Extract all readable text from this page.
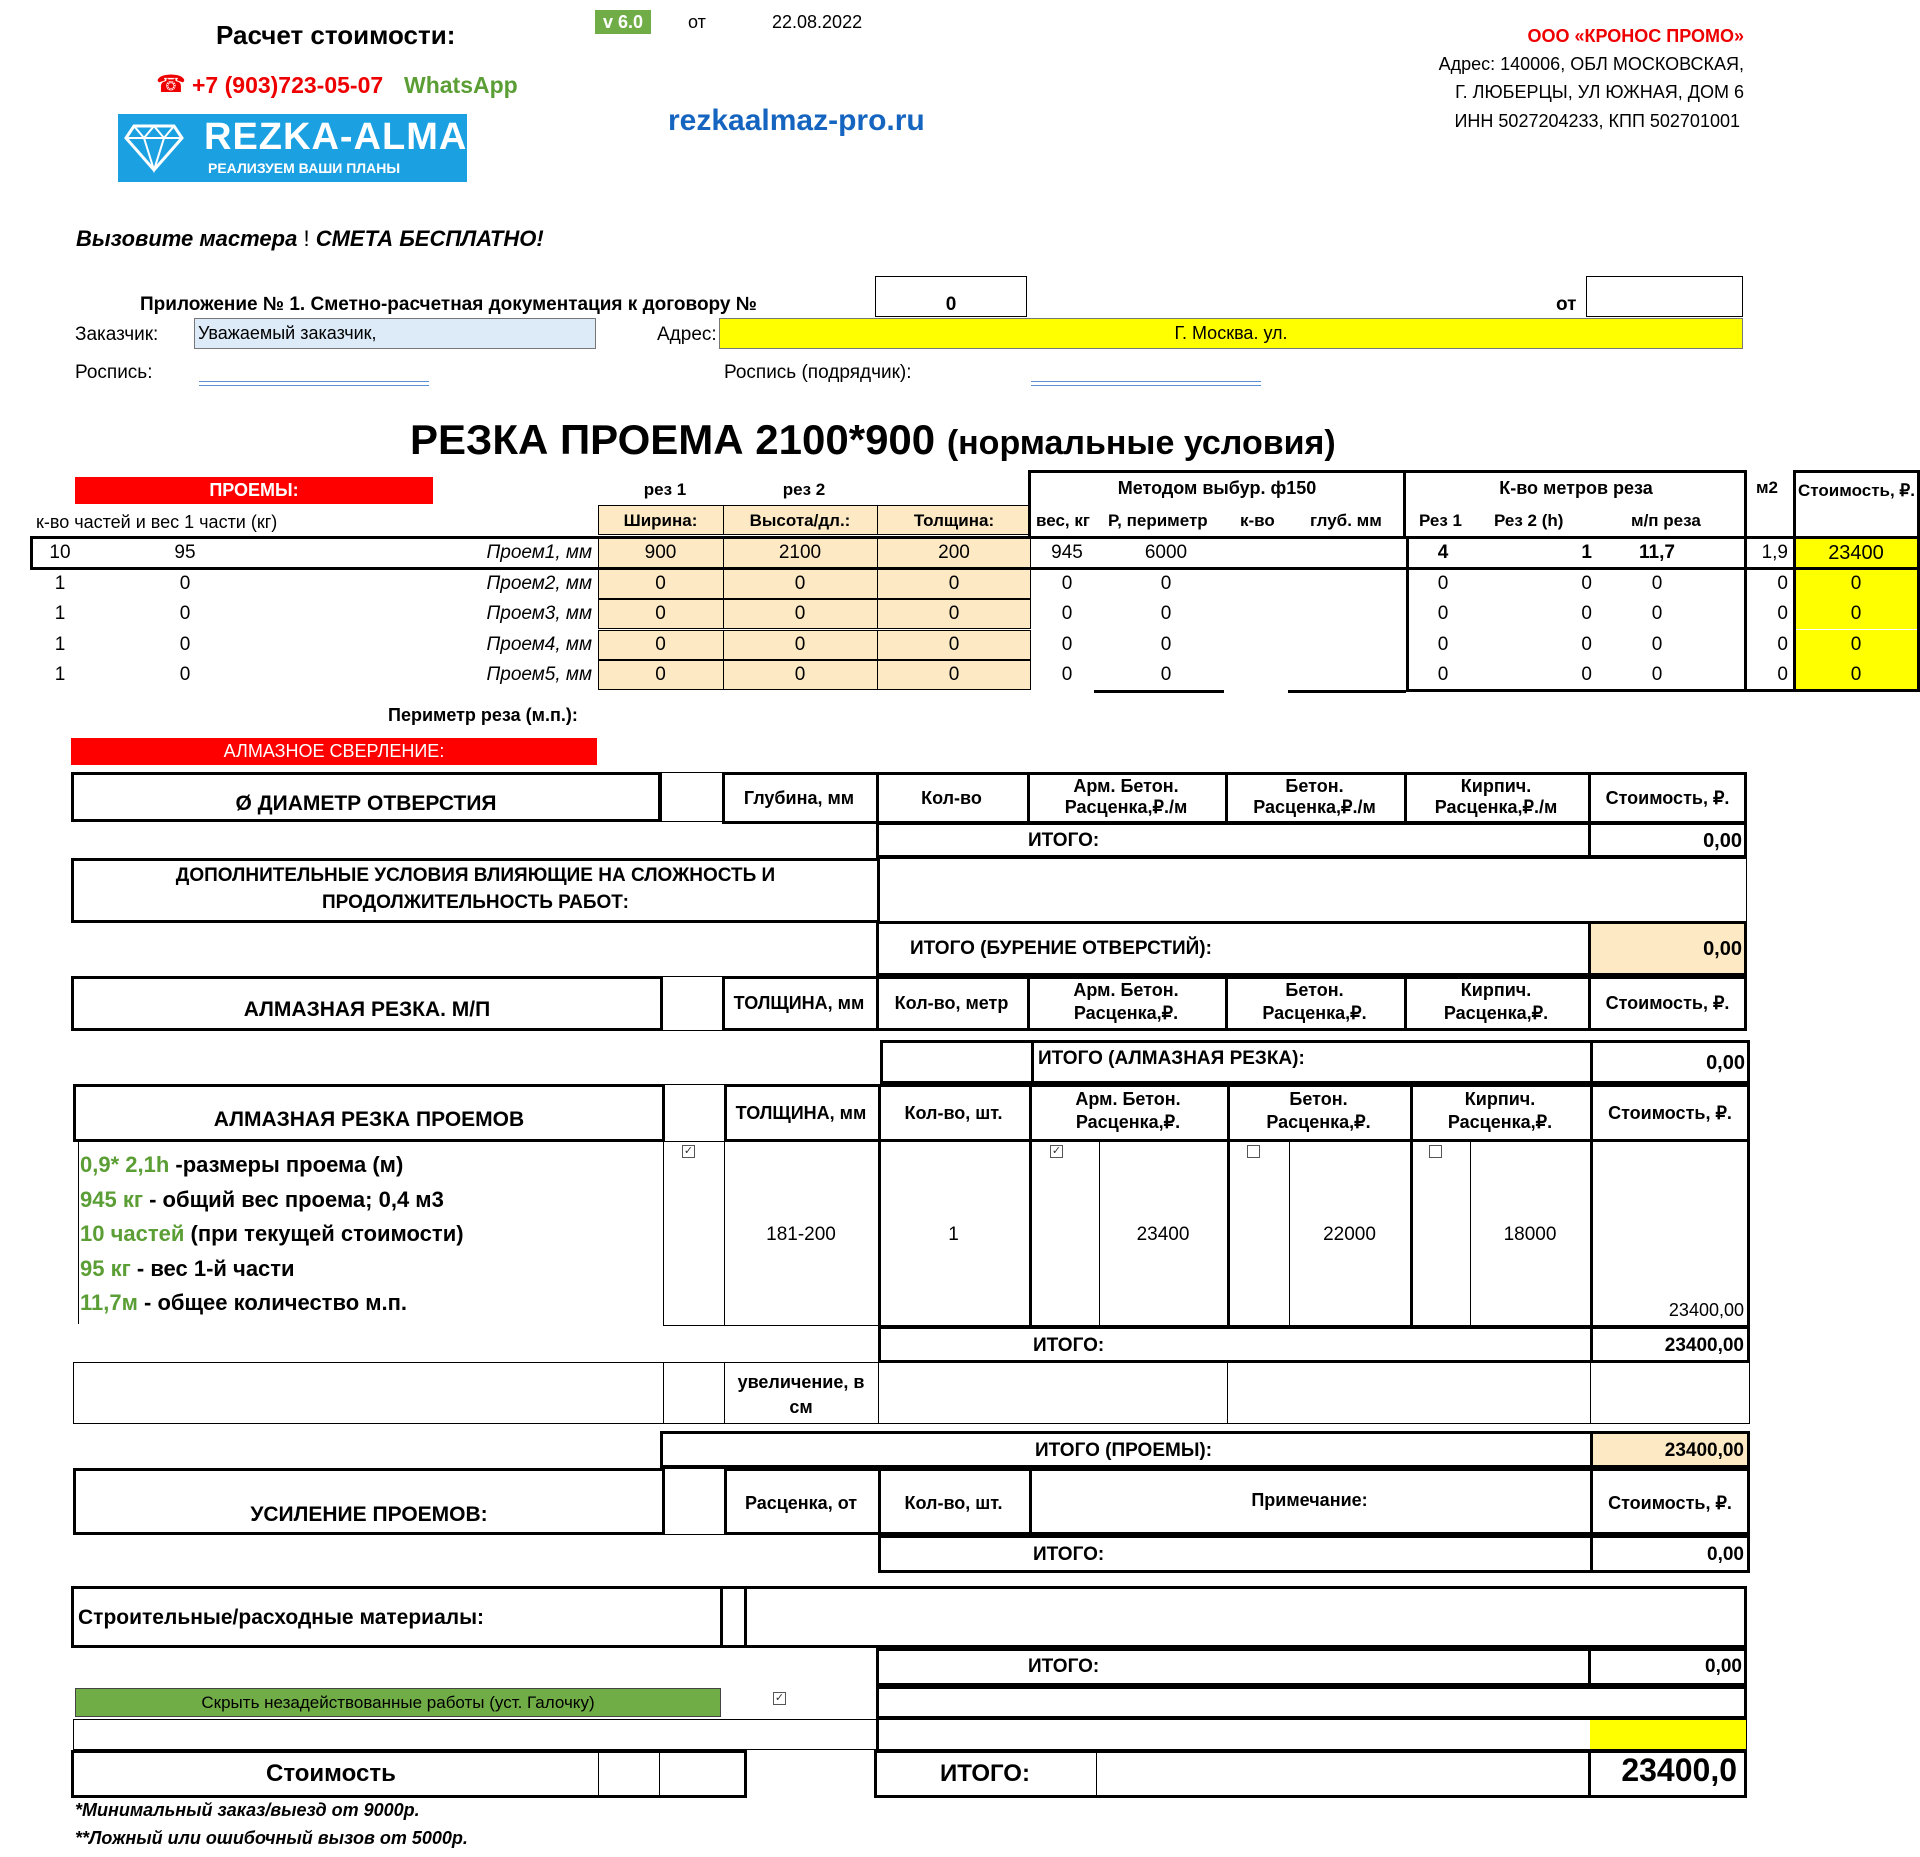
Расчет стоимости:	v 6.0	от	22.08.2022
☎ +7 (903)723-05-07 WhatsApp
REZKA-ALMAZ
РЕАЛИЗУЕМ ВАШИ ПЛАНЫ
rezkaalmaz-pro.ru
ООО «КРОНОС ПРОМО»
Адрес: 140006, ОБЛ МОСКОВСКАЯ,
Г. ЛЮБЕРЦЫ, УЛ ЮЖНАЯ, ДОМ 6
ИНН 5027204233, КПП 502701001
Вызовите мастера ! СМЕТА БЕСПЛАТНО!
Приложение № 1. Сметно-расчетная документация к договору №	0	от
Заказчик: Уважаемый заказчик,	Адрес:	Г. Москва. ул.
Роспись:	Роспись (подрядчик):
РЕЗКА ПРОЕМА 2100*900 (нормальные условия)
ПРОЕМЫ:	рез 1	рез 2
к-во частей и вес 1 части (кг)	Ширина:	Высота/дл.:	Толщина:
Методом выбур. ф150
вес, кг P, периметр к-во глуб. мм
К-во метров реза
Рез 1 Рез 2 (h)	м/п реза
м2	Стоимость, ₽.
10	95	Проем1, мм	900	2100	200	945	6000	4	1	11,7	1,9	23400
1	0	Проем2, мм	0	0	0	0	0	0	0	0	0	0
1	0	Проем3, мм	0	0	0	0	0	0	0	0	0	0
1	0	Проем4, мм	0	0	0	0	0	0	0	0	0	0
1	0	Проем5, мм	0	0	0	0	0	0	0	0	0	0
Периметр реза (м.п.):
АЛМАЗНОЕ СВЕРЛЕНИЕ:
Ø ДИАМЕТР ОТВЕРСТИЯ	Глубина, мм	Кол-во
Арм. Бетон.
Расценка,₽./м
Бетон.
Расценка,₽./м
Кирпич.
Расценка,₽./м	Стоимость, ₽.
ИТОГО:	0,00
ДОПОЛНИТЕЛЬНЫЕ УСЛОВИЯ ВЛИЯЮЩИЕ НА СЛОЖНОСТЬ И
ПРОДОЛЖИТЕЛЬНОСТЬ РАБОТ:
ИТОГО (БУРЕНИЕ ОТВЕРСТИЙ):	0,00
АЛМАЗНАЯ РЕЗКА. М/П	ТОЛЩИНА, мм	Кол-во, метр
Арм. Бетон.
Расценка,₽.
Бетон.
Расценка,₽.
Кирпич.
Расценка,₽.	Стоимость, ₽.
ИТОГО (АЛМАЗНАЯ РЕЗКА):	0,00
АЛМАЗНАЯ РЕЗКА ПРОЕМОВ	ТОЛЩИНА, мм	Кол-во, шт.
Арм. Бетон.
Расценка,₽.
Бетон.
Расценка,₽.
Кирпич.
Расценка,₽.	Стоимость, ₽.
0,9* 2,1h -размеры проема (м)
945 кг - общий вес проема; 0,4 м3
10 частей (при текущей стоимости)
95 кг - вес 1-й части
11,7м - общее количество м.п.
✓	✓
181-200	1	23400	22000	18000
23400,00
ИТОГО:	23400,00
увеличение, в см
ИТОГО (ПРОЕМЫ):	23400,00
УСИЛЕНИЕ ПРОЕМОВ:	Расценка, от	Кол-во, шт.	Примечание:	Стоимость, ₽.
ИТОГО:	0,00
Строительные/расходные материалы:
ИТОГО:	0,00
Скрыть незадействованные работы (уст. Галочку)	✓
Стоимость	ИТОГО:	23400,0
*Минимальный заказ/выезд от 9000р.
**Ложный или ошибочный вызов от 5000р.
